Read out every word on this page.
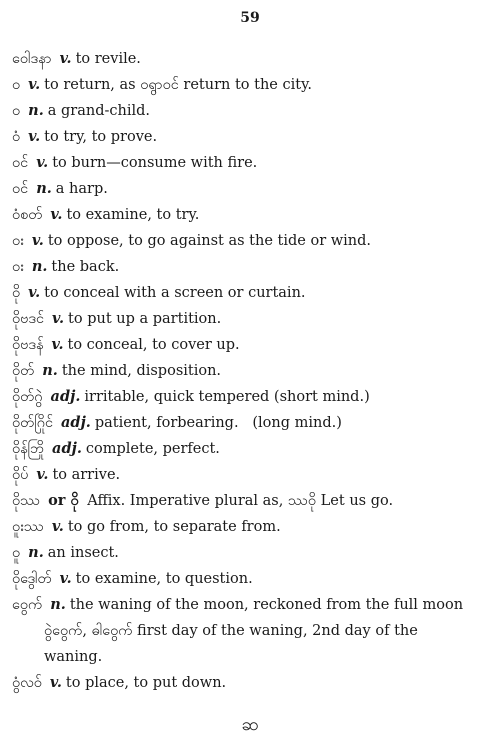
59
ဝေါဒနာ v. to revile.
ဝ v. to return, as ဝရွာဝင် return to the city.
ဝ n. a grand-child.
ဝံ v. to try, to prove.
ဝင် v. to burn—consume with fire.
ဝင် n. a harp.
ဝံစတ် v. to examine, to try.
ဝး v. to oppose, to go against as the tide or wind.
ဝး n. the back.
ဝို v. to conceal with a screen or curtain.
ဝိုဗဒင် v. to put up a partition.
ဝိုဗဒန် v. to conceal, to cover up.
ဝိုတ် n. the mind, disposition.
ဝိုတ်ဂွဲ adj. irritable, quick tempered (short mind.)
ဝိုတ်ဂြိုင် adj. patient, forbearing.   (long mind.)
ဝိုန်ဘြို adj. complete, perfect.
ဝိုပ် v. to arrive.
ဝိုဿ or ဝို Affix. Imperative plural as, ဿဝို Let us go.
ဝူးဿ v. to go from, to separate from.
ဝူ n. an insect.
ဝိုဒွေါတ် v. to examine, to question.
ဝွေက် n. the waning of the moon, reckoned from the full moon ဝွဲဝွေက်, ဓါဝွေက် first day of the waning, 2nd day of the waning.
ဝွံလဝ် v. to place, to put down.
ဆ
